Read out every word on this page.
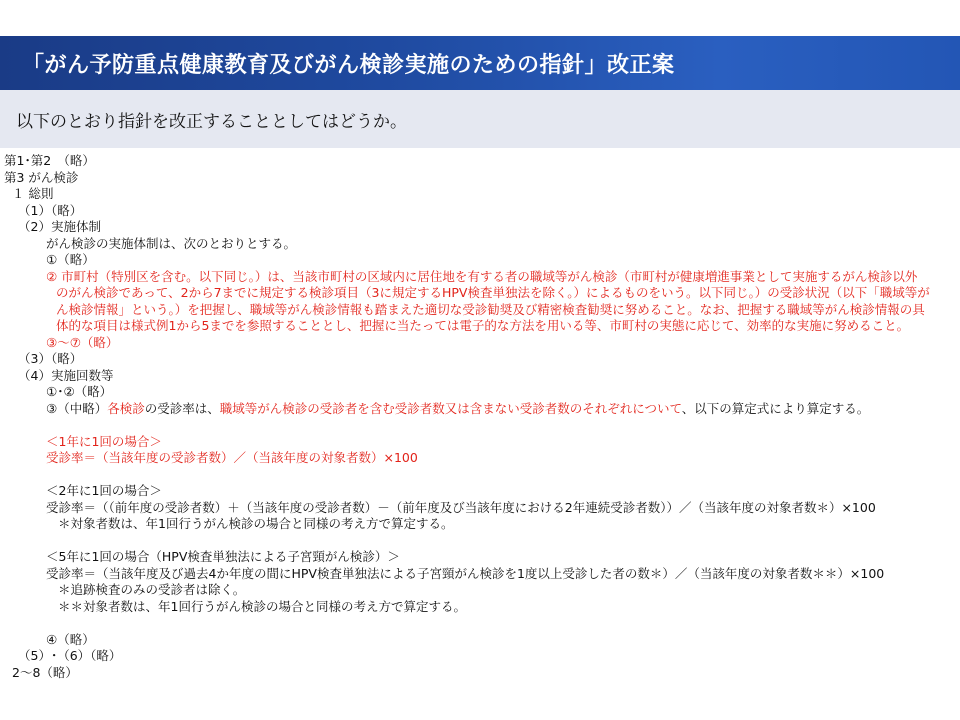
「がん予防重点健康教育及びがん検診実施のための指針」改正案
以下のとおり指針を改正することとしてはどうか。
第1･第2　（略）
第3 がん検診
１ 総則
（1）（略）
（2）実施体制
がん検診の実施体制は、次のとおりとする。
①（略）
② 市町村（特別区を含む。以下同じ。）は、当該市町村の区域内に居住地を有する者の職域等がん検診（市町村が健康増進事業として実施するがん検診以外
のがん検診であって、2から7までに規定する検診項目（3に規定するHPV検査単独法を除く。）によるものをいう。以下同じ。）の受診状況（以下「職域等が
ん検診情報」という。）を把握し、職域等がん検診情報も踏まえた適切な受診勧奨及び精密検査勧奨に努めること。なお、把握する職域等がん検診情報の具
体的な項目は様式例1から5までを参照することとし、把握に当たっては電子的な方法を用いる等、市町村の実態に応じて、効率的な実施に努めること。
③～⑦（略）
（3）（略）
（4）実施回数等
①･②（略）
③（中略）各検診の受診率は、職域等がん検診の受診者を含む受診者数又は含まない受診者数のそれぞれについて、以下の算定式により算定する。
＜1年に1回の場合＞
受診率＝（当該年度の受診者数）／（当該年度の対象者数）×100
＜2年に1回の場合＞
受診率＝（（前年度の受診者数）＋（当該年度の受診者数）－（前年度及び当該年度における2年連続受診者数））／（当該年度の対象者数＊）×100
＊対象者数は、年1回行うがん検診の場合と同様の考え方で算定する。
＜5年に1回の場合（HPV検査単独法による子宮頸がん検診）＞
受診率＝（当該年度及び過去4か年度の間にHPV検査単独法による子宮頸がん検診を1度以上受診した者の数＊）／（当該年度の対象者数＊＊）×100
＊追跡検査のみの受診者は除く。
＊＊対象者数は、年1回行うがん検診の場合と同様の考え方で算定する。
④（略）
（5）･（6）（略）
2～8（略）
